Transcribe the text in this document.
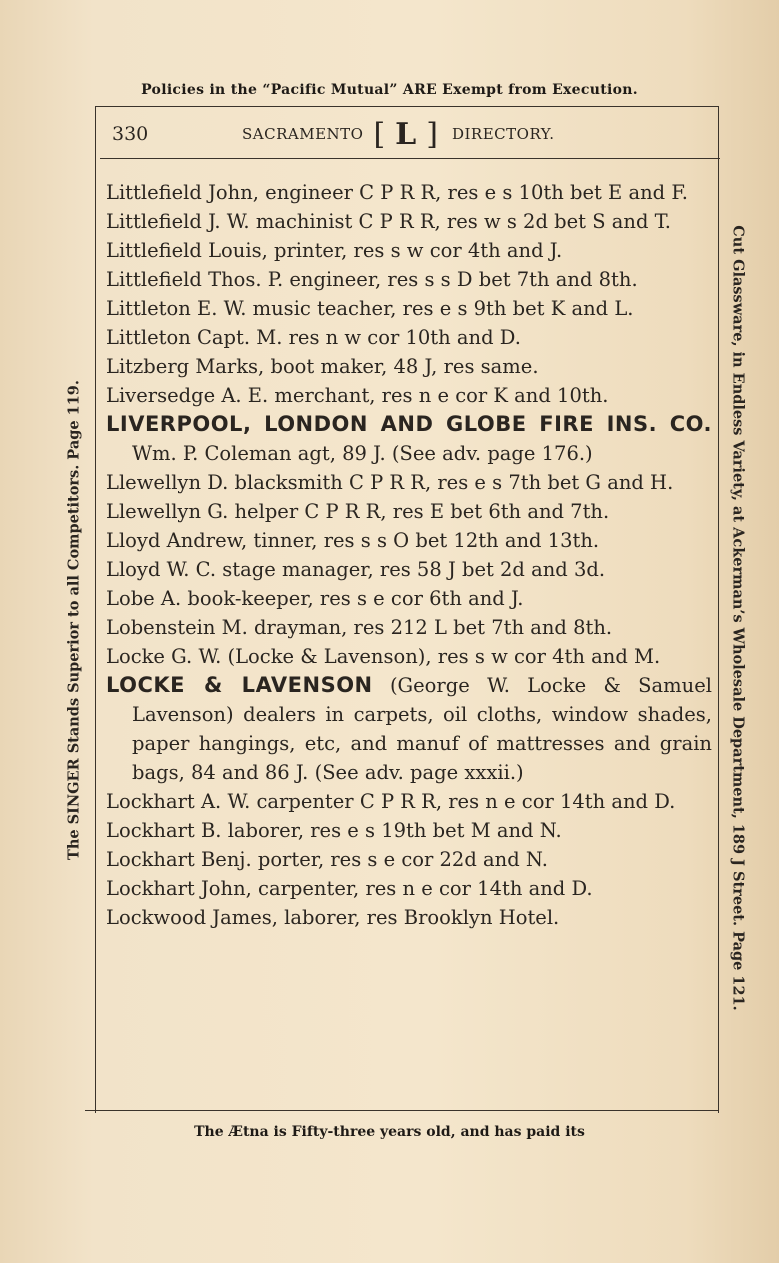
Policies in the “Pacific Mutual” ARE Exempt from Execution.
330	SACRAMENTO [ L ] DIRECTORY.

Littlefield John, engineer C P R R, res e s 10th bet E and F.

Littlefield J. W. machinist C P R R, res w s 2d bet S and T.

Littlefield Louis, printer, res s w cor 4th and J.

Littlefield Thos. P. engineer, res s s D bet 7th and 8th.

Littleton E. W. music teacher, res e s 9th bet K and L.

Littleton Capt. M. res n w cor 10th and D.

Litzberg Marks, boot maker, 48 J, res same.

Liversedge A. E. merchant, res n e cor K and 10th.

LIVERPOOL, LONDON AND GLOBE FIRE INS. CO. Wm. P. Coleman agt, 89 J. (See adv. page 176.)

Llewellyn D. blacksmith C P R R, res e s 7th bet G and H.

Llewellyn G. helper C P R R, res E bet 6th and 7th.

Lloyd Andrew, tinner, res s s O bet 12th and 13th.

Lloyd W. C. stage manager, res 58 J bet 2d and 3d.

Lobe A. book-keeper, res s e cor 6th and J.

Lobenstein M. drayman, res 212 L bet 7th and 8th.

Locke G. W. (Locke & Lavenson), res s w cor 4th and M.

LOCKE & LAVENSON (George W. Locke & Samuel Lavenson) dealers in carpets, oil cloths, window shades, paper hangings, etc, and manuf of mattresses and grain bags, 84 and 86 J. (See adv. page xxxii.)

Lockhart A. W. carpenter C P R R, res n e cor 14th and D.

Lockhart B. laborer, res e s 19th bet M and N.

Lockhart Benj. porter, res s e cor 22d and N.

Lockhart John, carpenter, res n e cor 14th and D.

Lockwood James, laborer, res Brooklyn Hotel.

The SINGER Stands Superior to all Competitors. Page 119.	Cut Glassware, in Endless Variety, at Ackerman’s Wholesale Department, 189 J Street. Page 121.
The Ætna is Fifty-three years old, and has paid its
